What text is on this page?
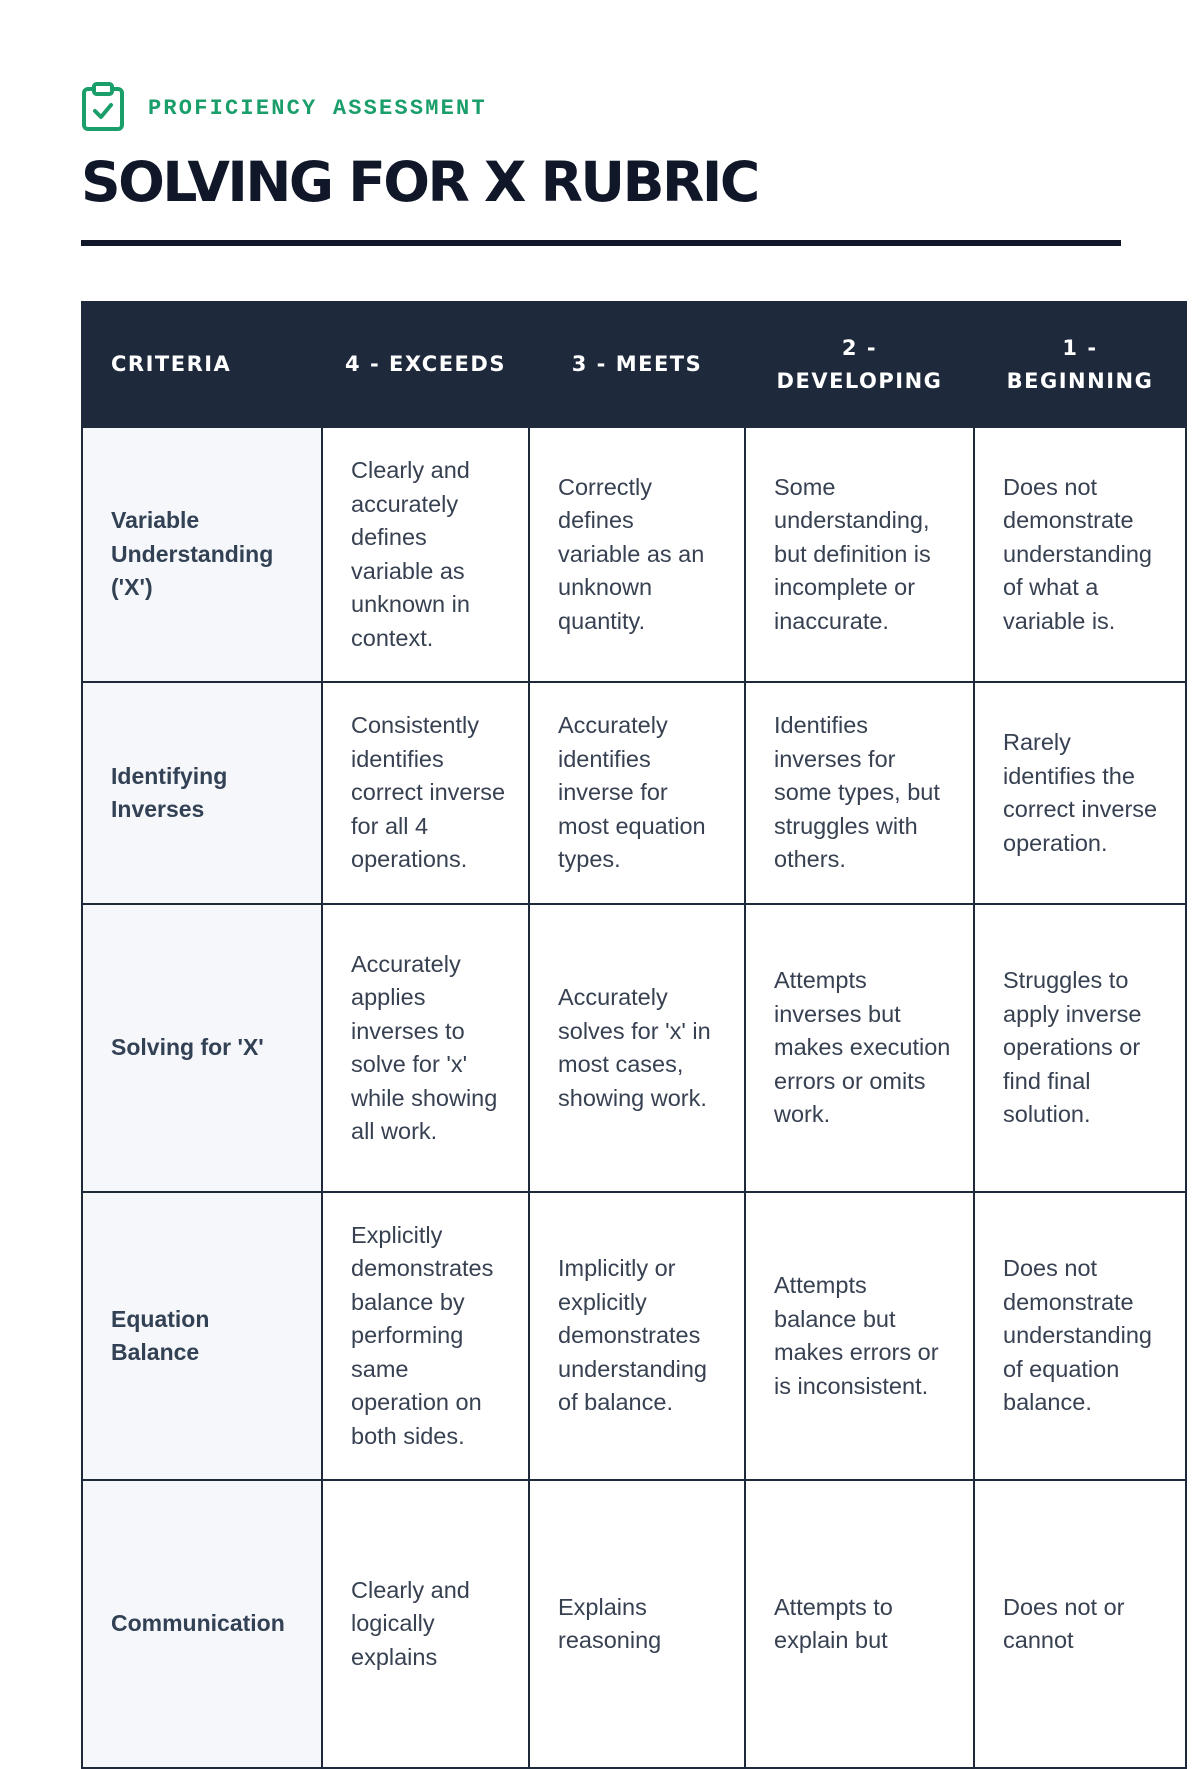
PROFICIENCY ASSESSMENT
SOLVING FOR X RUBRIC
CRITERIA	4 - EXCEEDS	3 - MEETS	2 - DEVELOPING	1 - BEGINNING
Variable Understanding ('X')	Clearly and accurately defines variable as unknown in context.	Correctly defines variable as an unknown quantity.	Some understanding, but definition is incomplete or inaccurate.	Does not demonstrate understanding of what a variable is.
Identifying Inverses	Consistently identifies correct inverse for all 4 operations.	Accurately identifies inverse for most equation types.	Identifies inverses for some types, but struggles with others.	Rarely identifies the correct inverse operation.
Solving for 'X'	Accurately applies inverses to solve for 'x' while showing all work.	Accurately solves for 'x' in most cases, showing work.	Attempts inverses but makes execution errors or omits work.	Struggles to apply inverse operations or find final solution.
Equation Balance	Explicitly demonstrates balance by performing same operation on both sides.	Implicitly or explicitly demonstrates understanding of balance.	Attempts balance but makes errors or is inconsistent.	Does not demonstrate understanding of equation balance.
Communication	Clearly and logically explains	Explains reasoning	Attempts to explain but	Does not or cannot
